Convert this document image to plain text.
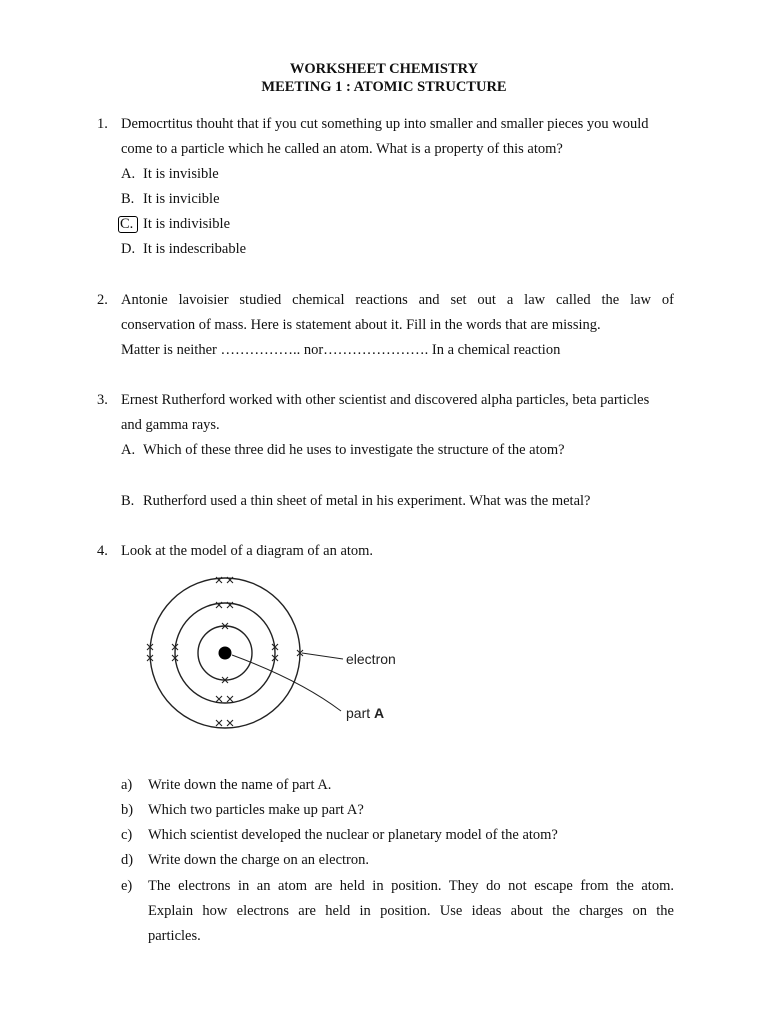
WORKSHEET CHEMISTRY
MEETING 1 : ATOMIC STRUCTURE
1. Democrtitus thouht that if you cut something up into smaller and smaller pieces you would
come to a particle which he called an atom. What is a property of this atom?
A. It is invisible
B. It is invicible
C. It is indivisible
D. It is indescribable
2. Antonie lavoisier studied chemical reactions and set out a law called the law of
conservation of mass. Here is statement about it. Fill in the words that are missing.
Matter is neither …………….. nor…………………. In a chemical reaction
3. Ernest Rutherford worked with other scientist and discovered alpha particles, beta particles
and gamma rays.
A. Which of these three did he uses to investigate the structure of the atom?
B. Rutherford used a thin sheet of metal in his experiment. What was the metal?
4. Look at the model of a diagram of an atom.
electron
part A
a) Write down the name of part A.
b) Which two particles make up part A?
c) Which scientist developed the nuclear or planetary model of the atom?
d) Write down the charge on an electron.
e) The electrons in an atom are held in position. They do not escape from the atom.
Explain how electrons are held in position. Use ideas about the charges on the
particles.
